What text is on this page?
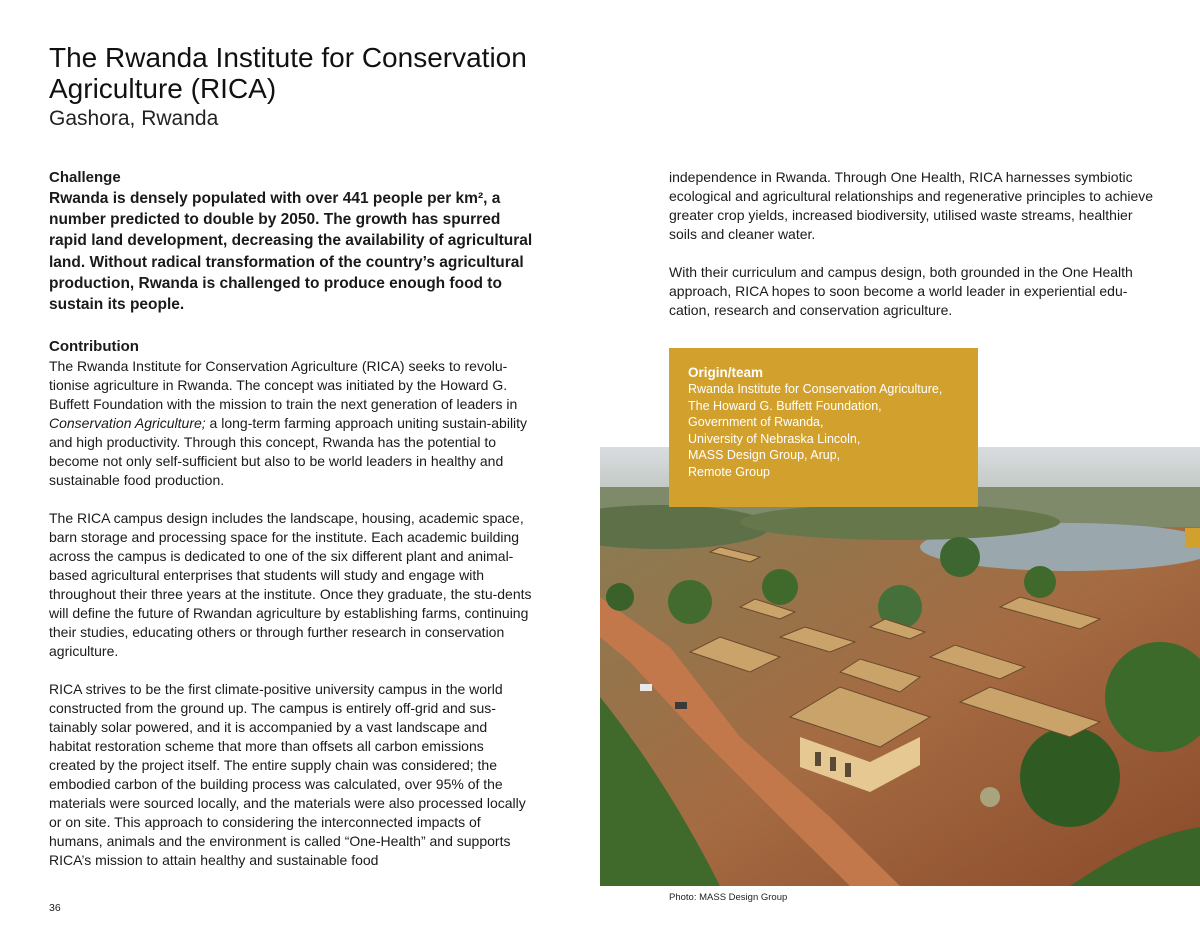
The Rwanda Institute for Conservation Agriculture (RICA)
Gashora, Rwanda
Challenge

Rwanda is densely populated with over 441 people per km², a number predicted to double by 2050. The growth has spurred rapid land development, decreasing the availability of agricultural land. Without radical transformation of the country’s agricultural production, Rwanda is challenged to produce enough food to sustain its people.

Contribution

The Rwanda Institute for Conservation Agriculture (RICA) seeks to revolu-tionise agriculture in Rwanda. The concept was initiated by the Howard G. Buffett Foundation with the mission to train the next generation of leaders in Conservation Agriculture; a long-term farming approach uniting sustain-ability and high productivity. Through this concept, Rwanda has the potential to become not only self-sufficient but also to be world leaders in healthy and sustainable food production.

The RICA campus design includes the landscape, housing, academic space, barn storage and processing space for the institute. Each academic building across the campus is dedicated to one of the six different plant and animal-based agricultural enterprises that students will study and engage with throughout their three years at the institute. Once they graduate, the stu-dents will define the future of Rwandan agriculture by establishing farms, continuing their studies, educating others or through further research in conservation agriculture.

RICA strives to be the first climate-positive university campus in the world constructed from the ground up. The campus is entirely off-grid and sus-tainably solar powered, and it is accompanied by a vast landscape and habitat restoration scheme that more than offsets all carbon emissions created by the project itself. The entire supply chain was considered; the embodied carbon of the building process was calculated, over 95% of the materials were sourced locally, and the materials were also processed locally or on site. This approach to considering the interconnected impacts of humans, animals and the environment is called “One-Health” and supports RICA’s mission to attain healthy and sustainable food

independence in Rwanda. Through One Health, RICA harnesses symbiotic ecological and agricultural relationships and regenerative principles to achieve greater crop yields, increased biodiversity, utilised waste streams, healthier soils and cleaner water.

With their curriculum and campus design, both grounded in the One Health approach, RICA hopes to soon become a world leader in experiential edu-cation, research and conservation agriculture.

Origin/team
Rwanda Institute for Conservation Agriculture,
The Howard G. Buffett Foundation,
Government of Rwanda,
University of Nebraska Lincoln,
MASS Design Group, Arup,
Remote Group
Photo: MASS Design Group
36
